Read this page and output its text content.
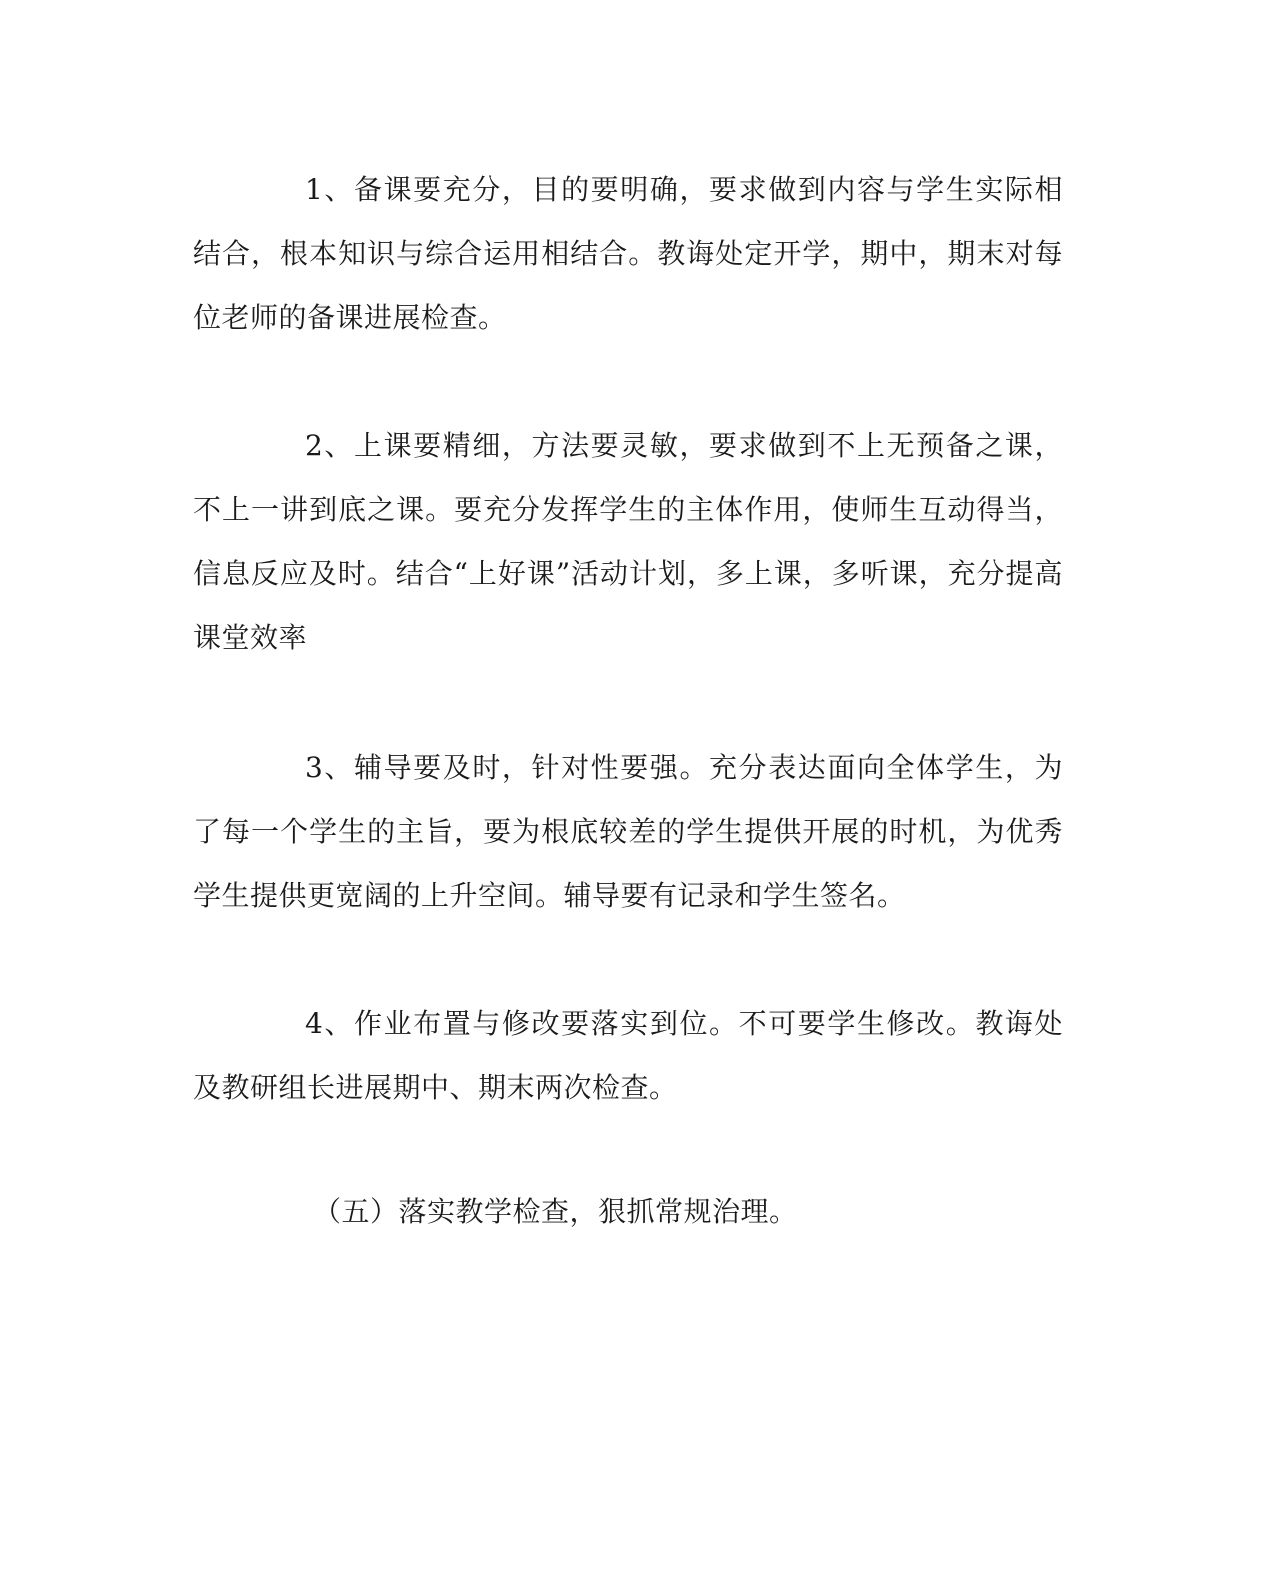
1、备课要充分，目的要明确，要求做到内容与学生实际相结合，根本知识与综合运用相结合。教诲处定开学，期中，期末对每位老师的备课进展检查。

2、上课要精细，方法要灵敏，要求做到不上无预备之课，不上一讲到底之课。要充分发挥学生的主体作用，使师生互动得当，信息反应及时。结合“上好课”活动计划，多上课，多听课，充分提高课堂效率

3、辅导要及时，针对性要强。充分表达面向全体学生，为了每一个学生的主旨，要为根底较差的学生提供开展的时机，为优秀学生提供更宽阔的上升空间。辅导要有记录和学生签名。

4、作业布置与修改要落实到位。不可要学生修改。教诲处及教研组长进展期中、期末两次检查。

（五）落实教学检查，狠抓常规治理。
